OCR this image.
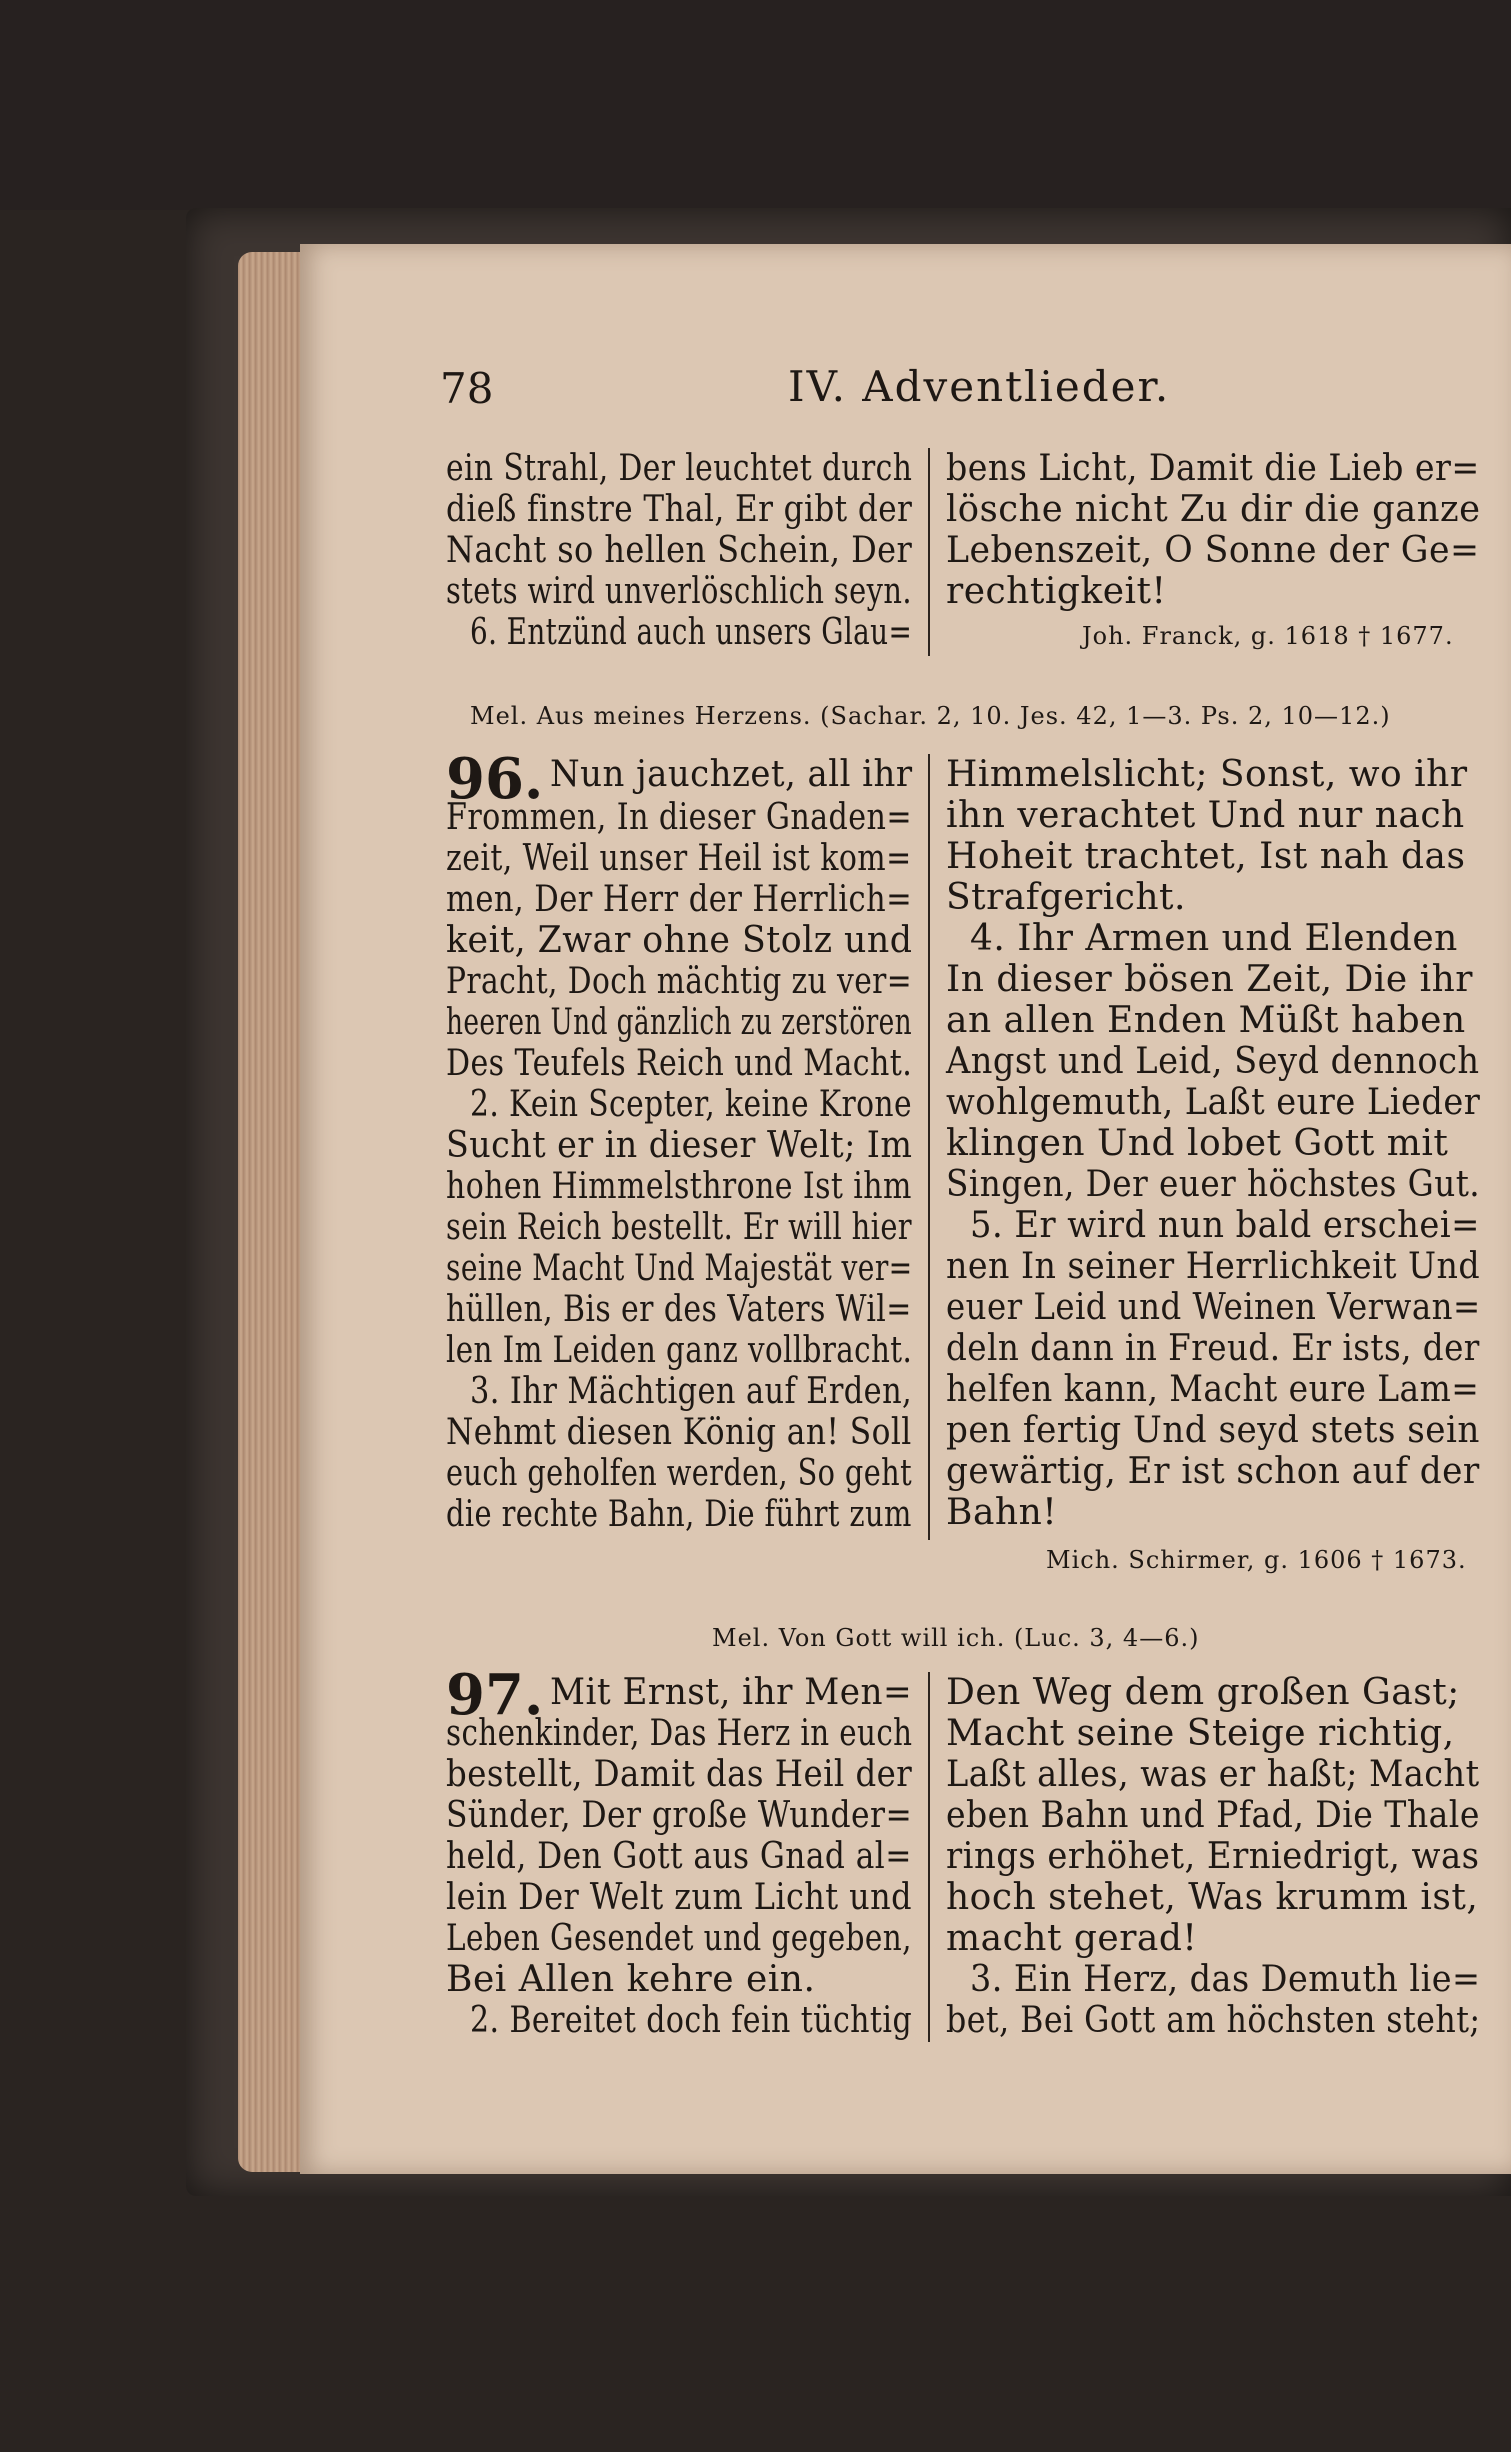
78	IV. Adventlieder.
ein Strahl, Der leuchtet durch
dieß finstre Thal, Er gibt der
Nacht so hellen Schein, Der
stets wird unverlöschlich seyn.
6. Entzünd auch unsers Glau=
bens Licht, Damit die Lieb er=
lösche nicht Zu dir die ganze
Lebenszeit, O Sonne der Ge=
rechtigkeit!
Joh. Franck, g. 1618 † 1677.
Mel. Aus meines Herzens. (Sachar. 2, 10. Jes. 42, 1—3. Ps. 2, 10—12.)
96. Nun jauchzet, all ihr
Frommen, In dieser Gnaden=
zeit, Weil unser Heil ist kom=
men, Der Herr der Herrlich=
keit, Zwar ohne Stolz und
Pracht, Doch mächtig zu ver=
heeren Und gänzlich zu zerstören
Des Teufels Reich und Macht.
2. Kein Scepter, keine Krone
Sucht er in dieser Welt; Im
hohen Himmelsthrone Ist ihm
sein Reich bestellt. Er will hier
seine Macht Und Majestät ver=
hüllen, Bis er des Vaters Wil=
len Im Leiden ganz vollbracht.
3. Ihr Mächtigen auf Erden,
Nehmt diesen König an! Soll
euch geholfen werden, So geht
die rechte Bahn, Die führt zum
Himmelslicht; Sonst, wo ihr
ihn verachtet Und nur nach
Hoheit trachtet, Ist nah das
Strafgericht.
4. Ihr Armen und Elenden
In dieser bösen Zeit, Die ihr
an allen Enden Müßt haben
Angst und Leid, Seyd dennoch
wohlgemuth, Laßt eure Lieder
klingen Und lobet Gott mit
Singen, Der euer höchstes Gut.
5. Er wird nun bald erschei=
nen In seiner Herrlichkeit Und
euer Leid und Weinen Verwan=
deln dann in Freud. Er ists, der
helfen kann, Macht eure Lam=
pen fertig Und seyd stets sein
gewärtig, Er ist schon auf der
Bahn!
Mich. Schirmer, g. 1606 † 1673.
Mel. Von Gott will ich. (Luc. 3, 4—6.)
97. Mit Ernst, ihr Men=
schenkinder, Das Herz in euch
bestellt, Damit das Heil der
Sünder, Der große Wunder=
held, Den Gott aus Gnad al=
lein Der Welt zum Licht und
Leben Gesendet und gegeben,
Bei Allen kehre ein.
2. Bereitet doch fein tüchtig
Den Weg dem großen Gast;
Macht seine Steige richtig,
Laßt alles, was er haßt; Macht
eben Bahn und Pfad, Die Thale
rings erhöhet, Erniedrigt, was
hoch stehet, Was krumm ist,
macht gerad!
3. Ein Herz, das Demuth lie=
bet, Bei Gott am höchsten steht;
